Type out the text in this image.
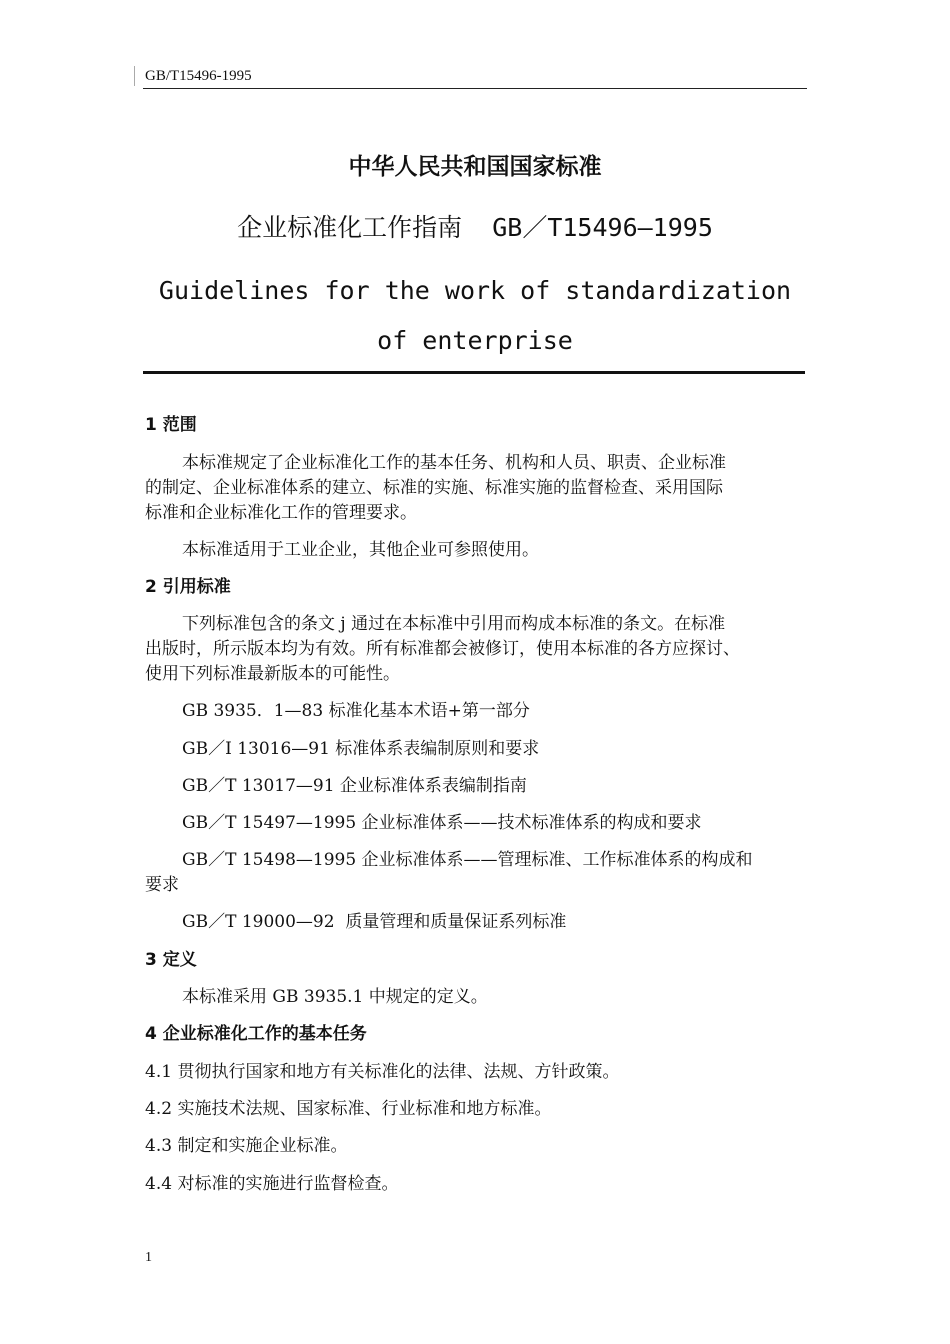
GB/T15496-1995
中华人民共和国国家标准
企业标准化工作指南  GB／T15496—1995
Guidelines for the work of standardization of enterprise
1 范围
本标准规定了企业标准化工作的基本任务、机构和人员、职责、企业标准
的制定、企业标准体系的建立、标准的实施、标准实施的监督检查、采用国际
标准和企业标准化工作的管理要求。
本标准适用于工业企业，其他企业可参照使用。
2 引用标准
下列标准包含的条文 j 通过在本标准中引用而构成本标准的条文。在标准
出版时，所示版本均为有效。所有标准都会被修订，使用本标准的各方应探讨、
使用下列标准最新版本的可能性。
GB 3935．1—83 标准化基本术语+第一部分
GB／I 13016—91 标准体系表编制原则和要求
GB／T 13017—91 企业标准体系表编制指南
GB／T 15497—1995 企业标准体系——技术标准体系的构成和要求
GB／T 15498—1995 企业标准体系——管理标准、工作标准体系的构成和
要求
GB／T 19000—92  质量管理和质量保证系列标准
3 定义
本标准采用 GB 3935.1 中规定的定义。
4 企业标准化工作的基本任务
4.1 贯彻执行国家和地方有关标准化的法律、法规、方针政策。
4.2 实施技术法规、国家标准、行业标准和地方标准。
4.3 制定和实施企业标准。
4.4 对标准的实施进行监督检查。
1
